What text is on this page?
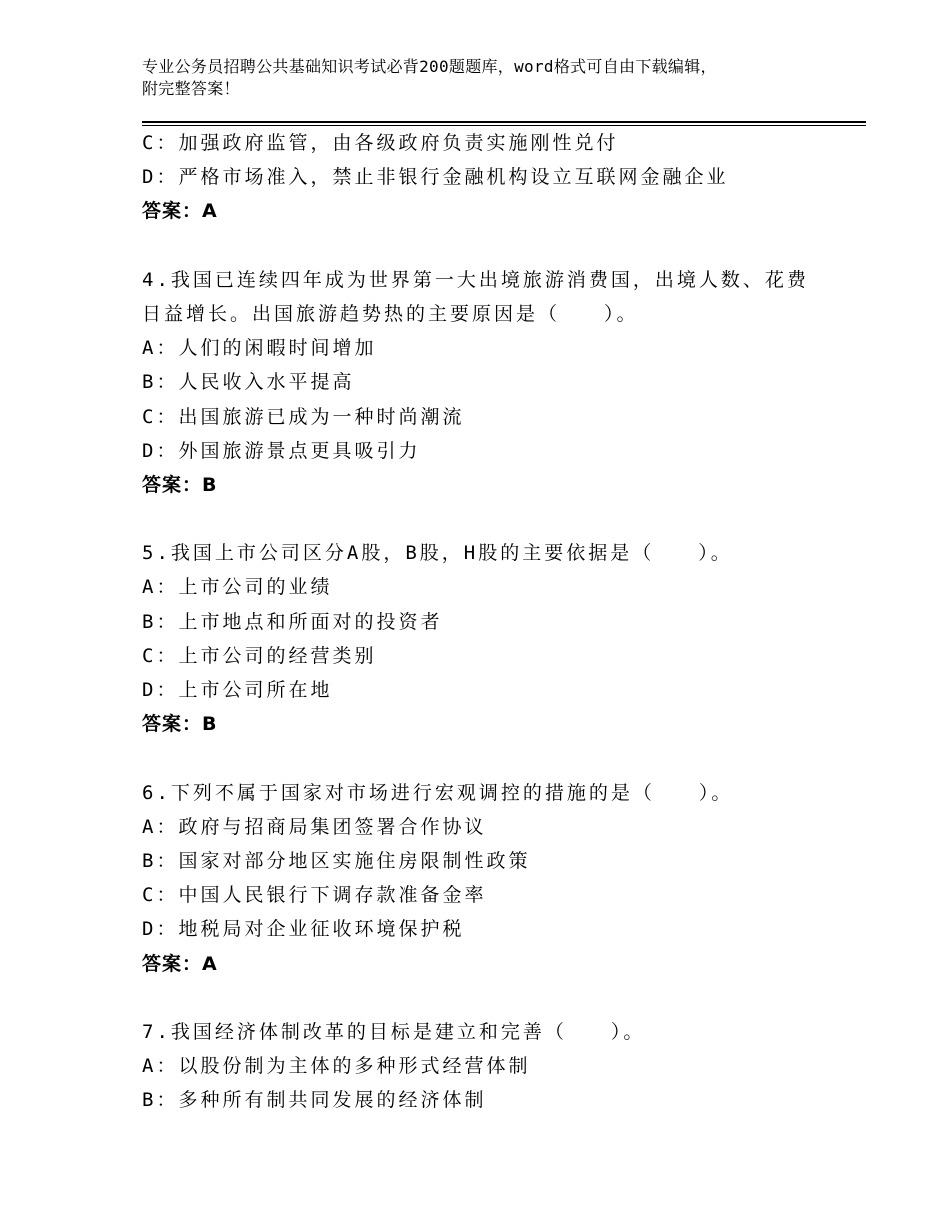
专业公务员招聘公共基础知识考试必背200题题库，word格式可自由下载编辑，
附完整答案！
C：加强政府监管，由各级政府负责实施刚性兑付
D：严格市场准入，禁止非银行金融机构设立互联网金融企业
答案：A
4.我国已连续四年成为世界第一大出境旅游消费国，出境人数、花费
日益增长。出国旅游趋势热的主要原因是（　　）。
A：人们的闲暇时间增加
B：人民收入水平提高
C：出国旅游已成为一种时尚潮流
D：外国旅游景点更具吸引力
答案：B
5.我国上市公司区分A股，B股，H股的主要依据是（　　）。
A：上市公司的业绩
B：上市地点和所面对的投资者
C：上市公司的经营类别
D：上市公司所在地
答案：B
6.下列不属于国家对市场进行宏观调控的措施的是（　　）。
A：政府与招商局集团签署合作协议
B：国家对部分地区实施住房限制性政策
C：中国人民银行下调存款准备金率
D：地税局对企业征收环境保护税
答案：A
7.我国经济体制改革的目标是建立和完善（　　）。
A：以股份制为主体的多种形式经营体制
B：多种所有制共同发展的经济体制
